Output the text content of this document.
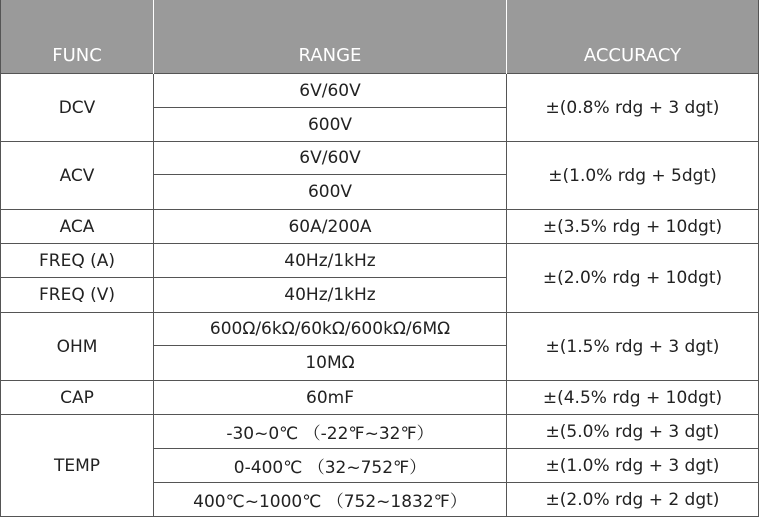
FUNC	RANGE	ACCURACY
DCV	6V/60V	±(0.8% rdg + 3 dgt)
	600V	
ACV	6V/60V	±(1.0% rdg + 5dgt)
	600V	
ACA	60A/200A	±(3.5% rdg + 10dgt)
FREQ (A)	40Hz/1kHz	±(2.0% rdg + 10dgt)
FREQ (V)	40Hz/1kHz	
OHM	600Ω/6kΩ/60kΩ/600kΩ/6MΩ	±(1.5% rdg + 3 dgt)
	10MΩ	
CAP	60mF	±(4.5% rdg + 10dgt)
TEMP	-30~0℃ （-22℉~32℉）	±(5.0% rdg + 3 dgt)
	0-400℃ （32~752℉）	±(1.0% rdg + 3 dgt)
	400℃~1000℃ （752~1832℉）	±(2.0% rdg + 2 dgt)
